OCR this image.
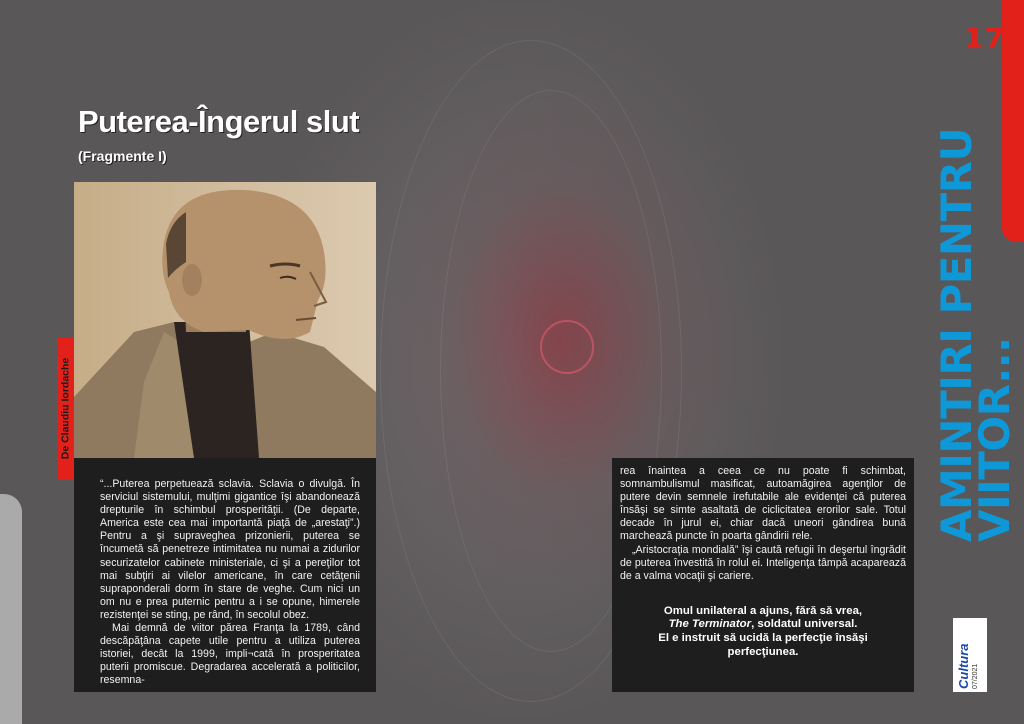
17
Puterea-Îngerul slut
(Fragmente I)
De Claudiu Iordache

“...Puterea perpetuează sclavia. Sclavia o divulgă. În serviciul sistemului, mulţimi gigantice îşi abandonează drepturile în schimbul prosperităţii. (De departe, America este cea mai importantă piaţă de „arestaţi”.) Pentru a şi supraveghea prizonierii, puterea se încumetă să penetreze intimitatea nu numai a zidurilor securizatelor cabinete ministeriale, ci şi a pereţilor tot mai subţiri ai vilelor americane, în care cetăţenii supraponderali dorm în stare de veghe. Cum nici un om nu e prea puternic pentru a i se opune, himerele rezistenţei se sting, pe rând, în secolul obez.

Mai demnă de viitor părea Franţa la 1789, când descăpăţâna capete utile pentru a utiliza puterea istoriei, decât la 1999, impli¬cată în prosperitatea puterii promiscue. Degradarea accelerată a politicilor, resemna-

rea înaintea a ceea ce nu poate fi schimbat, somnambulismul masificat, autoamăgirea agenţilor de putere devin semnele irefutabile ale evidenţei că puterea însăşi se simte asaltată de ciclicitatea erorilor sale. Totul decade în jurul ei, chiar dacă uneori gândirea bună marchează puncte în poarta gândirii rele.

„Aristocraţia mondială” îşi caută refugii în deşertul îngrădit de puterea învestită în rolul ei. Inteligenţa tâmpă acaparează de a valma vocaţii şi cariere.

Omul unilateral a ajuns, fără să vrea,
The Terminator, soldatul universal.
El e instruit să ucidă la perfecţie însăşi perfecţiunea.
AMINTIRI PENTRU
VIITOR...
Cultura 07/2021
